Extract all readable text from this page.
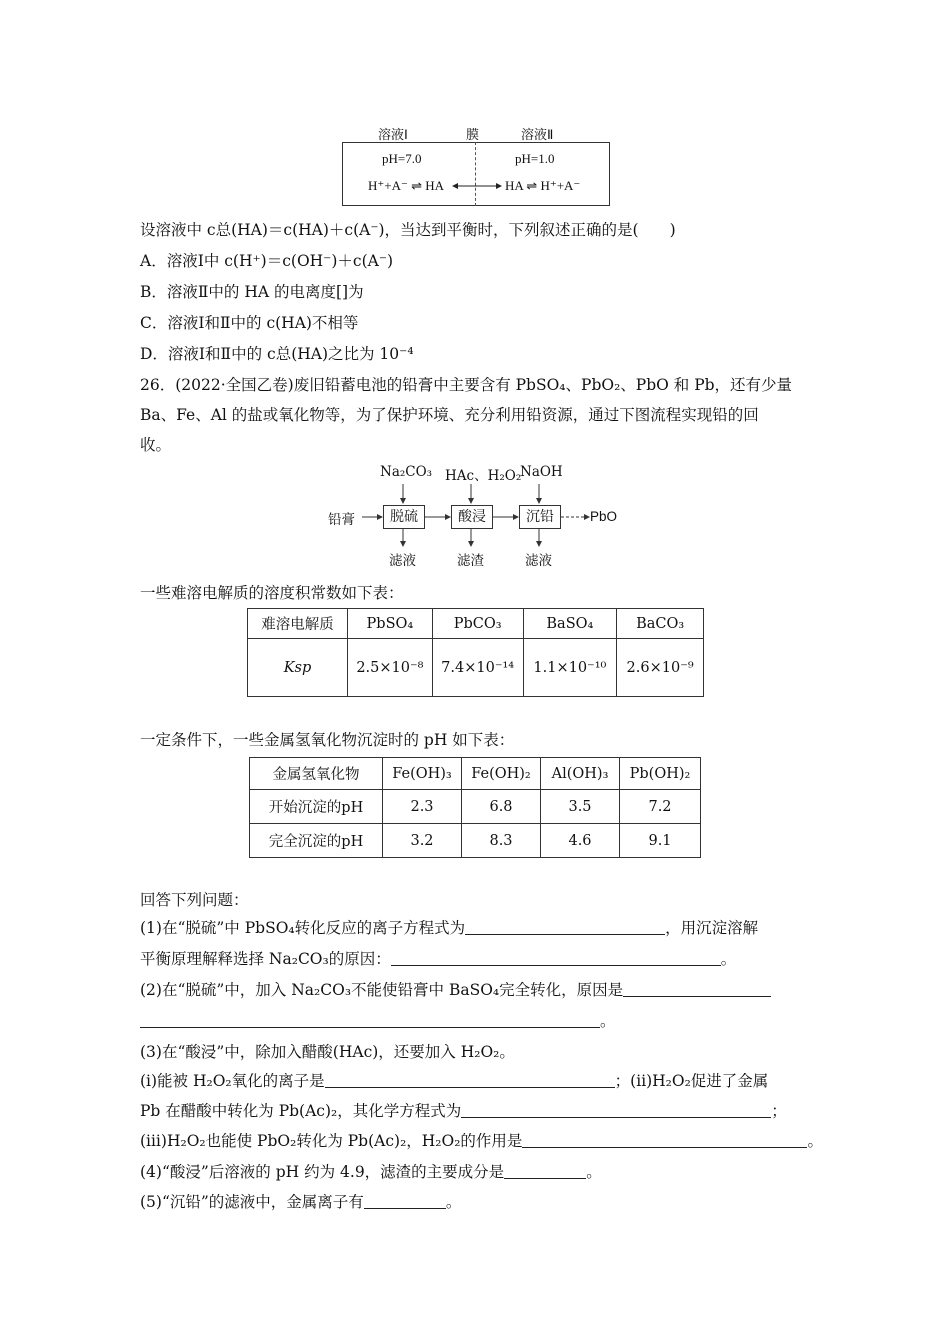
溶液Ⅰ	膜	溶液Ⅱ
pH=7.0	pH=1.0
H⁺+A⁻ ⇌ HA	HA ⇌ H⁺+A⁻
设溶液中 c总(HA)＝c(HA)＋c(A⁻)，当达到平衡时，下列叙述正确的是(　　)
A．溶液Ⅰ中 c(H⁺)＝c(OH⁻)＋c(A⁻)
B．溶液Ⅱ中的 HA 的电离度[]为
C．溶液Ⅰ和Ⅱ中的 c(HA)不相等
D．溶液Ⅰ和Ⅱ中的 c总(HA)之比为 10⁻⁴
26．(2022·全国乙卷)废旧铅蓄电池的铅膏中主要含有 PbSO₄、PbO₂、PbO 和 Pb，还有少量
Ba、Fe、Al 的盐或氧化物等，为了保护环境、充分利用铅资源，通过下图流程实现铅的回
收。
Na₂CO₃ HAc、H₂O₂
NaOH
铅膏	脱硫	酸浸	沉铅	PbO
滤液	滤渣	滤液
一些难溶电解质的溶度积常数如下表：
难溶电解质	PbSO₄	PbCO₃	BaSO₄	BaCO₃
Ksp	2.5×10⁻⁸	7.4×10⁻¹⁴	1.1×10⁻¹⁰	2.6×10⁻⁹
一定条件下，一些金属氢氧化物沉淀时的 pH 如下表：
金属氢氧化物	Fe(OH)₃	Fe(OH)₂	Al(OH)₃	Pb(OH)₂
开始沉淀的pH	2.3	6.8	3.5	7.2
完全沉淀的pH	3.2	8.3	4.6	9.1
回答下列问题：
(1)在“脱硫”中 PbSO₄转化反应的离子方程式为	，用沉淀溶解
平衡原理解释选择 Na₂CO₃的原因：	。
(2)在“脱硫”中，加入 Na₂CO₃不能使铅膏中 BaSO₄完全转化，原因是
。
(3)在“酸浸”中，除加入醋酸(HAc)，还要加入 H₂O₂。
(ⅰ)能被 H₂O₂氧化的离子是	；(ⅱ)H₂O₂促进了金属
Pb 在醋酸中转化为 Pb(Ac)₂，其化学方程式为	；
(ⅲ)H₂O₂也能使 PbO₂转化为 Pb(Ac)₂，H₂O₂的作用是	。
(4)“酸浸”后溶液的 pH 约为 4.9，滤渣的主要成分是	。
(5)“沉铅”的滤液中，金属离子有	。
